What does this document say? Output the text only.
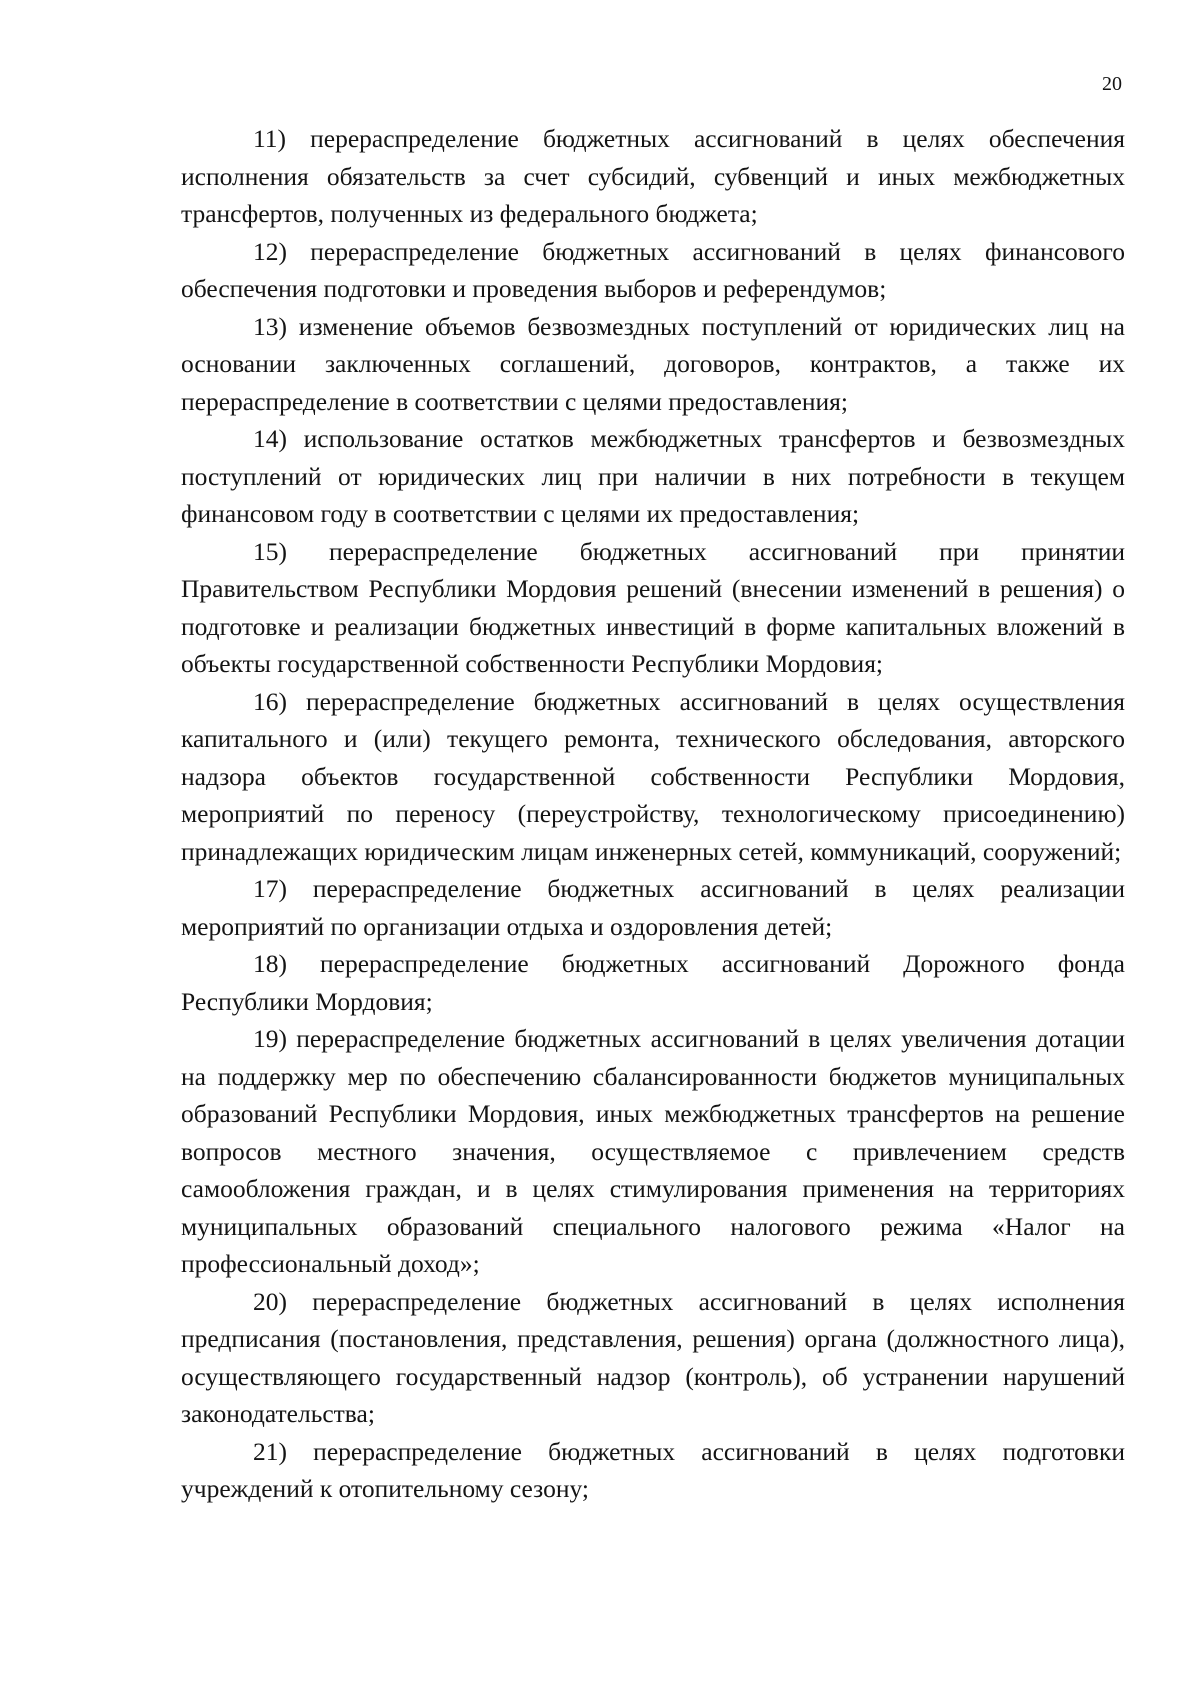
20

11) перераспределение бюджетных ассигнований в целях обеспечения исполнения обязательств за счет субсидий, субвенций и иных межбюджетных трансфертов, полученных из федерального бюджета;

12) перераспределение бюджетных ассигнований в целях финансового обеспечения подготовки и проведения выборов и референдумов;

13) изменение объемов безвозмездных поступлений от юридических лиц на основании заключенных соглашений, договоров, контрактов, а также их перераспределение в соответствии с целями предоставления;

14) использование остатков межбюджетных трансфертов и безвозмездных поступлений от юридических лиц при наличии в них потребности в текущем финансовом году в соответствии с целями их предоставления;

15) перераспределение бюджетных ассигнований при принятии Правительством Республики Мордовия решений (внесении изменений в решения) о подготовке и реализации бюджетных инвестиций в форме капитальных вложений в объекты государственной собственности Республики Мордовия;

16) перераспределение бюджетных ассигнований в целях осуществления капитального и (или) текущего ремонта, технического обследования, авторского надзора объектов государственной собственности Республики Мордовия, мероприятий по переносу (переустройству, технологическому присоединению) принадлежащих юридическим лицам инженерных сетей, коммуникаций, сооружений;

17) перераспределение бюджетных ассигнований в целях реализации мероприятий по организации отдыха и оздоровления детей;

18) перераспределение бюджетных ассигнований Дорожного фонда Республики Мордовия;

19) перераспределение бюджетных ассигнований в целях увеличения дотации на поддержку мер по обеспечению сбалансированности бюджетов муниципальных образований Республики Мордовия, иных межбюджетных трансфертов на решение вопросов местного значения, осуществляемое с привлечением средств самообложения граждан, и в целях стимулирования применения на территориях муниципальных образований специального налогового режима «Налог на профессиональный доход»;

20) перераспределение бюджетных ассигнований в целях исполнения предписания (постановления, представления, решения) органа (должностного лица), осуществляющего государственный надзор (контроль), об устранении нарушений законодательства;

21) перераспределение бюджетных ассигнований в целях подготовки учреждений к отопительному сезону;
